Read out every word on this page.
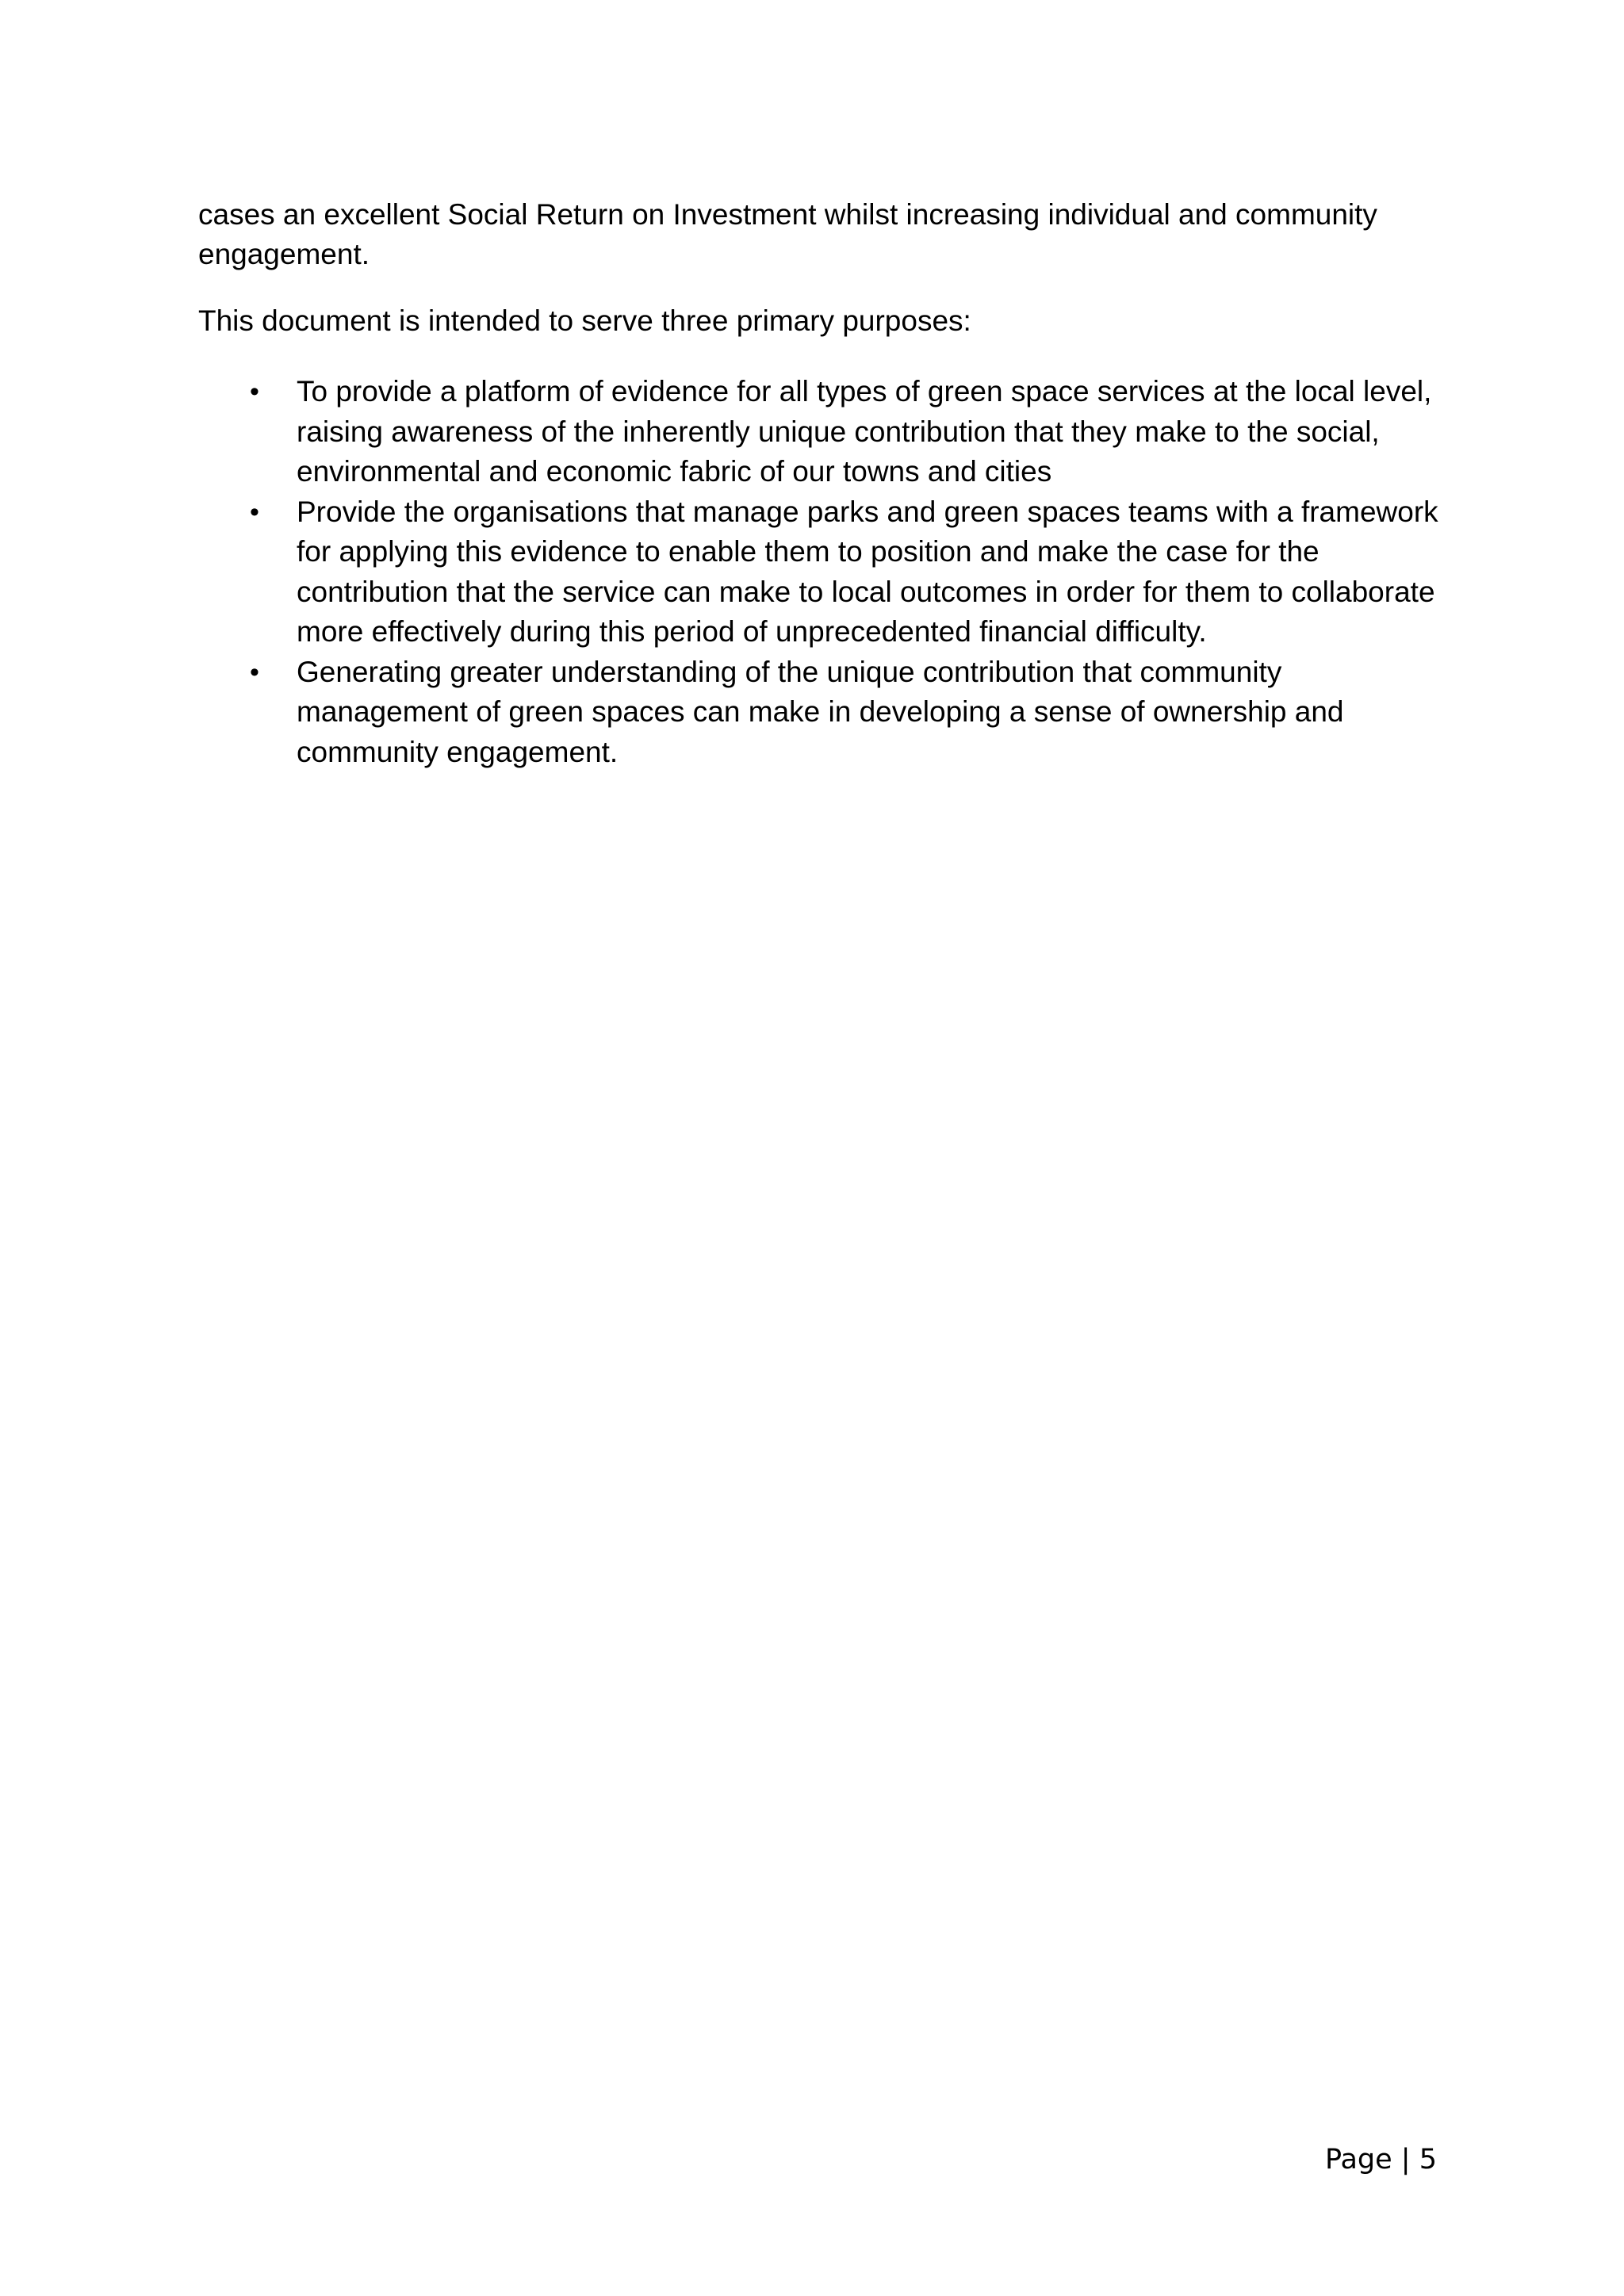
cases an excellent Social Return on Investment whilst increasing individual and community engagement.

This document is intended to serve three primary purposes:

• To provide a platform of evidence for all types of green space services at the local level, raising awareness of the inherently unique contribution that they make to the social, environmental and economic fabric of our towns and cities
• Provide the organisations that manage parks and green spaces teams with a framework for applying this evidence to enable them to position and make the case for the contribution that the service can make to local outcomes in order for them to collaborate more effectively during this period of unprecedented financial difficulty.
• Generating greater understanding of the unique contribution that community management of green spaces can make in developing a sense of ownership and community engagement.
Page | 5
